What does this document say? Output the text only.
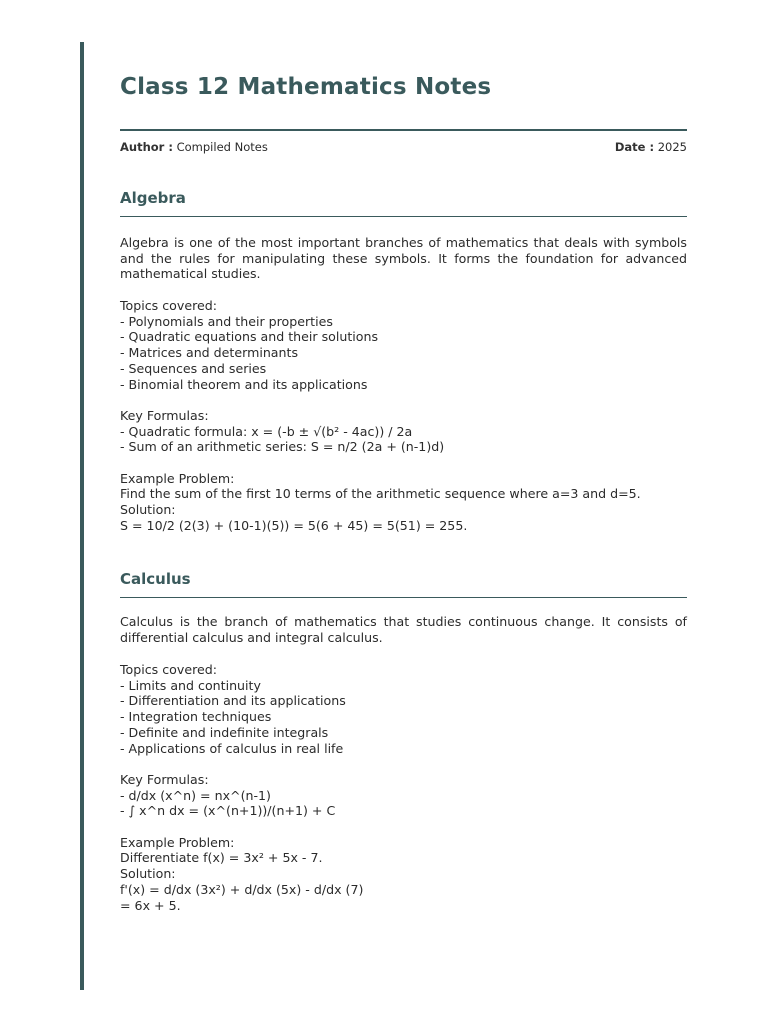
Class 12 Mathematics Notes
Author : Compiled Notes	Date : 2025
Algebra

Algebra is one of the most important branches of mathematics that deals with symbols and the rules for manipulating these symbols. It forms the foundation for advanced mathematical studies.

Topics covered:
- Polynomials and their properties
- Quadratic equations and their solutions
- Matrices and determinants
- Sequences and series
- Binomial theorem and its applications

Key Formulas:
- Quadratic formula: x = (-b ± √(b² - 4ac)) / 2a
- Sum of an arithmetic series: S = n/2 (2a + (n-1)d)

Example Problem:
Find the sum of the first 10 terms of the arithmetic sequence where a=3 and d=5.
Solution:
S = 10/2 (2(3) + (10-1)(5)) = 5(6 + 45) = 5(51) = 255.
Calculus

Calculus is the branch of mathematics that studies continuous change. It consists of differential calculus and integral calculus.

Topics covered:
- Limits and continuity
- Differentiation and its applications
- Integration techniques
- Definite and indefinite integrals
- Applications of calculus in real life

Key Formulas:
- d/dx (x^n) = nx^(n-1)
- ∫ x^n dx = (x^(n+1))/(n+1) + C

Example Problem:
Differentiate f(x) = 3x² + 5x - 7.
Solution:
f'(x) = d/dx (3x²) + d/dx (5x) - d/dx (7)
= 6x + 5.
